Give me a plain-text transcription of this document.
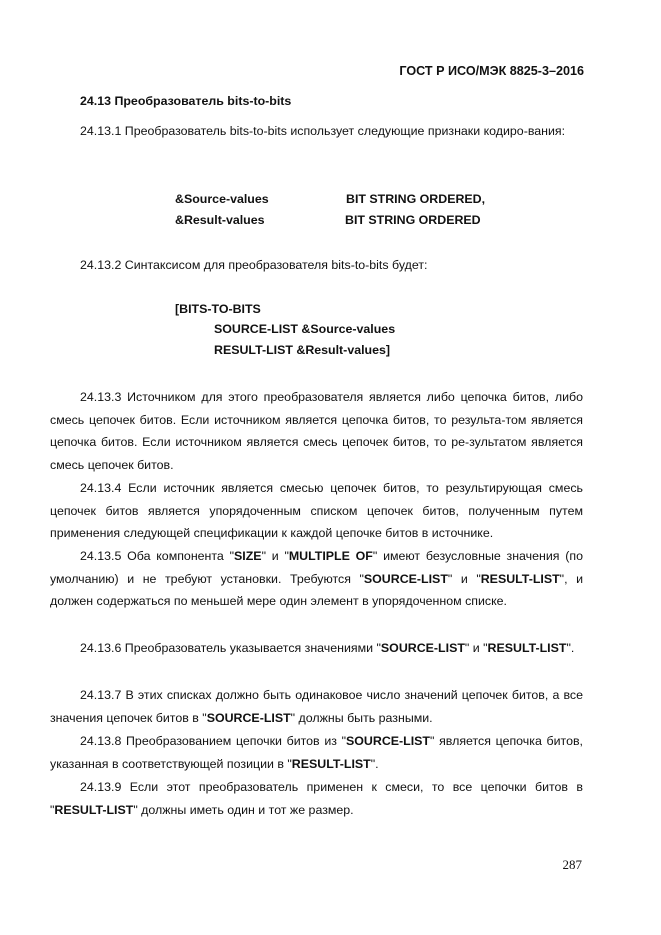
ГОСТ Р ИСО/МЭК 8825-3–2016
24.13 Преобразователь bits-to-bits
24.13.1 Преобразователь bits-to-bits использует следующие признаки кодиро-вания:
&Source-values	BIT STRING ORDERED,
&Result-values	BIT STRING ORDERED
24.13.2 Синтаксисом для преобразователя bits-to-bits будет:
[BITS-TO-BITS
SOURCE-LIST &Source-values
RESULT-LIST &Result-values]
24.13.3 Источником для этого преобразователя является либо цепочка битов, либо смесь цепочек битов. Если источником является цепочка битов, то результа-том является цепочка битов. Если источником является смесь цепочек битов, то ре-зультатом является смесь цепочек битов.
24.13.4 Если источник является смесью цепочек битов, то результирующая смесь цепочек битов является упорядоченным списком цепочек битов, полученным путем применения следующей спецификации к каждой цепочке битов в источнике.
24.13.5 Оба компонента "SIZE" и "MULTIPLE OF" имеют безусловные значения (по умолчанию) и не требуют установки. Требуются "SOURCE-LIST" и "RESULT-LIST", и должен содержаться по меньшей мере один элемент в упорядоченном списке.
24.13.6 Преобразователь указывается значениями "SOURCE-LIST" и "RESULT-LIST".
24.13.7 В этих списках должно быть одинаковое число значений цепочек битов, а все значения цепочек битов в "SOURCE-LIST" должны быть разными.
24.13.8 Преобразованием цепочки битов из "SOURCE-LIST" является цепочка битов, указанная в соответствующей позиции в "RESULT-LIST".
24.13.9 Если этот преобразователь применен к смеси, то все цепочки битов в "RESULT-LIST" должны иметь один и тот же размер.
287
